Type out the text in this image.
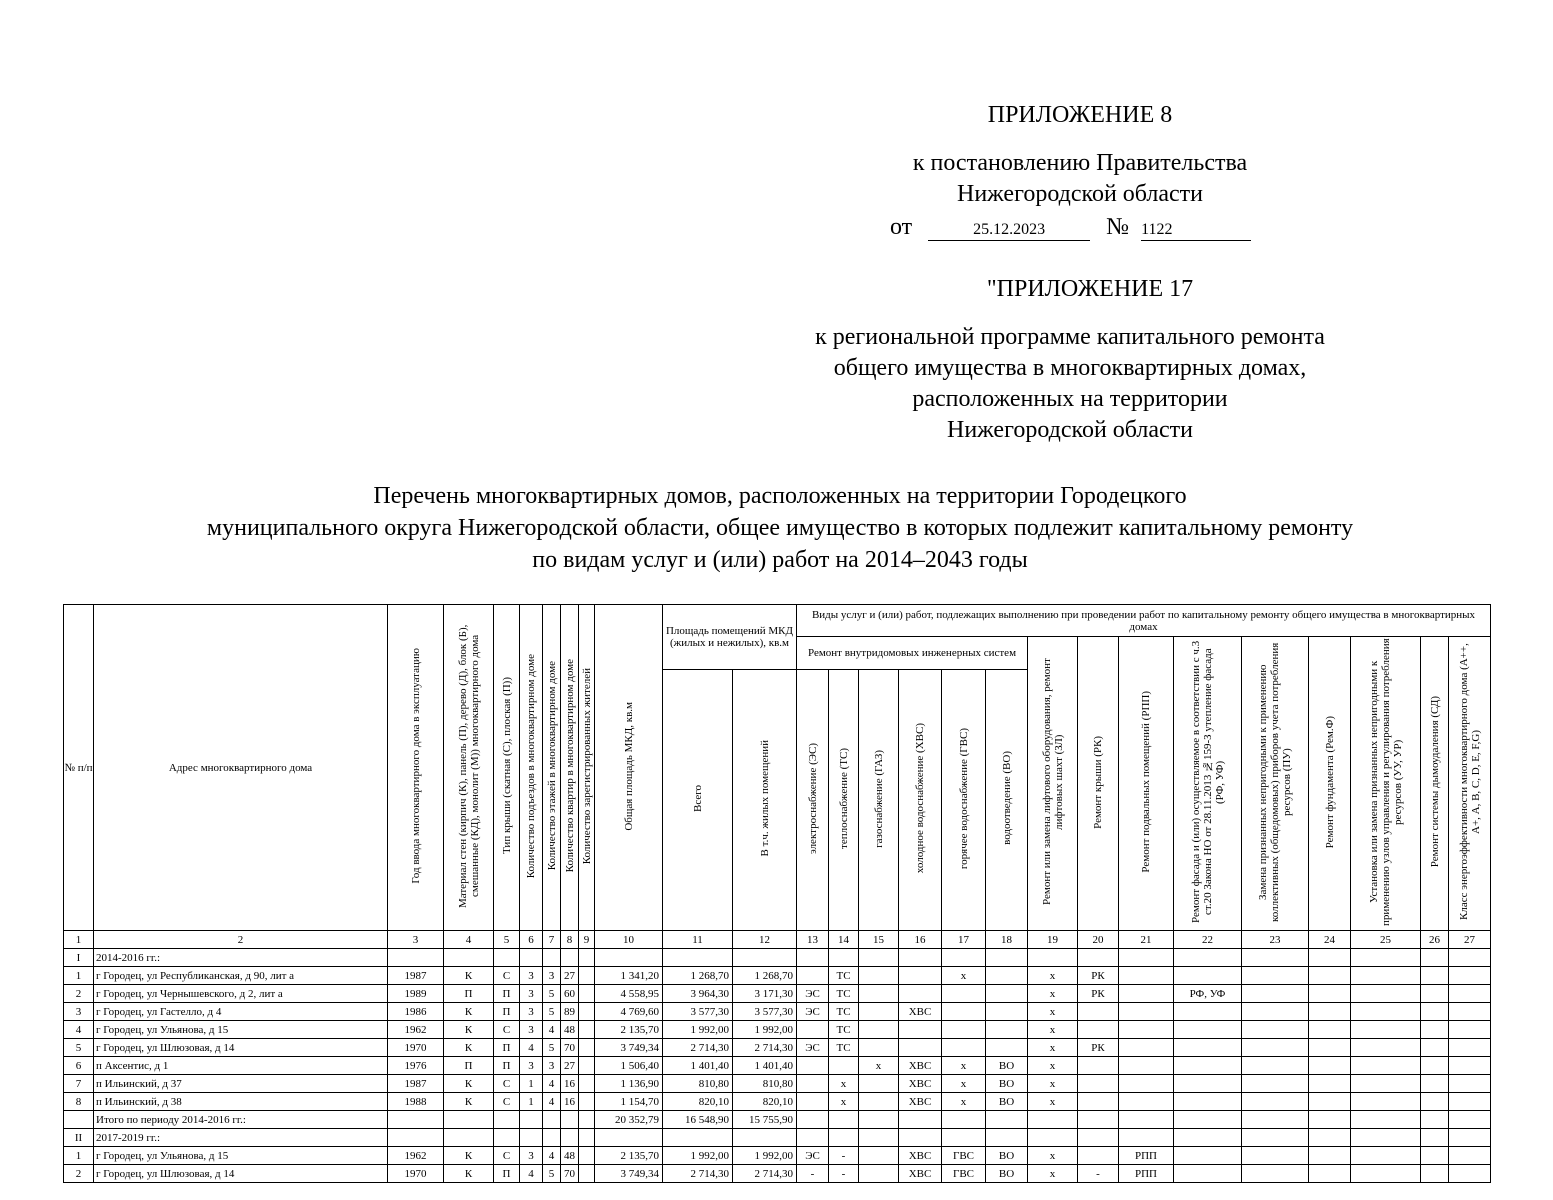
ПРИЛОЖЕНИЕ 8
к постановлению Правительства
Нижегородской области
от	25.12.2023	№ 1122
"ПРИЛОЖЕНИЕ 17
к региональной программе капитального ремонта
общего имущества в многоквартирных домах,
расположенных на территории
Нижегородской области
Перечень многоквартирных домов, расположенных на территории Городецкого
муниципального округа Нижегородской области, общее имущество в которых подлежит капитальному ремонту
по видам услуг и (или) работ на 2014–2043 годы
№ п/п	Адрес многоквартирного дома	Год ввода многоквартирного дома в эксплуатацию	Материал стен (кирпич (К), панель (П), дерево (Д), блок (Б), смешанные (КД), монолит (М)) многоквартирного дома	Тип крыши (скатная (С), плоская (П))	Количество подъездов в многоквартирном доме	Количество этажей в многоквартирном доме	Количество квартир в многоквартирном доме	Количество зарегистрированных жителей	Общая площадь МКД, кв.м	Площадь помещений МКД (жилых и нежилых), кв.м		Виды услуг и (или) работ, подлежащих выполнению при проведении работ по капитальному ремонту общего имущества в многоквартирных домах														
												Ремонт внутридомовых инженерных систем						Ремонт или замена лифтового оборудования, ремонт лифтовых шахт (ЗЛ)	Ремонт крыши (РК)	Ремонт подвальных помещений (РПП)	Ремонт фасада и (или) осуществляемое в соответствии с ч.3 ст.20 Закона НО от 28.11.2013 №159-З утепление фасада (РФ, УФ)	Замена признанных непригодными к применению коллективных (общедомовых) приборов учета потребления ресурсов (ПУ)	Ремонт фундамента (Рем.Ф)	Установка или замена признанных непригодными к применению узлов управления и регулирования потребления ресурсов (УУ, УР)	Ремонт системы дымоудаления (СД)	Класс энергоэффективности многоквартирного дома (А++, А+, А, B, C, D, E, F,G)
										Всего	В т.ч. жилых помещений	электроснабжение (ЭС)	теплоснабжение (ТС)	газоснабжение (ГАЗ)	холодное водоснабжение (ХВС)	горячее водоснабжение (ГВС)	водоотведение (ВО)									
1	2	3	4	5	6	7	8	9	10	11	12	13	14	15	16	17	18	19	20	21	22	23	24	25	26	27
I	2014-2016 гг.:																									
1	г Городец, ул Республиканская, д 90, лит а	1987	К	С	3	3	27		1 341,20	1 268,70	1 268,70		ТС			х		х	РК							
2	г Городец, ул Чернышевского, д 2, лит а	1989	П	П	3	5	60		4 558,95	3 964,30	3 171,30	ЭС	ТС					х	РК		РФ, УФ					
3	г Городец, ул Гастелло, д 4	1986	К	П	3	5	89		4 769,60	3 577,30	3 577,30	ЭС	ТС		ХВС			х								
4	г Городец, ул Ульянова, д 15	1962	К	С	3	4	48		2 135,70	1 992,00	1 992,00		ТС					х								
5	г Городец, ул Шлюзовая, д 14	1970	К	П	4	5	70		3 749,34	2 714,30	2 714,30	ЭС	ТС					х	РК							
6	п Аксентис, д 1	1976	П	П	3	3	27		1 506,40	1 401,40	1 401,40			х	ХВС	х	ВО	х								
7	п Ильинский, д 37	1987	К	С	1	4	16		1 136,90	810,80	810,80		х		ХВС	х	ВО	х								
8	п Ильинский, д 38	1988	К	С	1	4	16		1 154,70	820,10	820,10		х		ХВС	х	ВО	х								
	Итого по периоду 2014-2016 гг.:								20 352,79	16 548,90	15 755,90															
II	2017-2019 гг.:																									
1	г Городец, ул Ульянова, д 15	1962	К	С	3	4	48		2 135,70	1 992,00	1 992,00	ЭС	-		ХВС	ГВС	ВО	х		РПП						
2	г Городец, ул Шлюзовая, д 14	1970	К	П	4	5	70		3 749,34	2 714,30	2 714,30	-	-		ХВС	ГВС	ВО	х	-	РПП						
